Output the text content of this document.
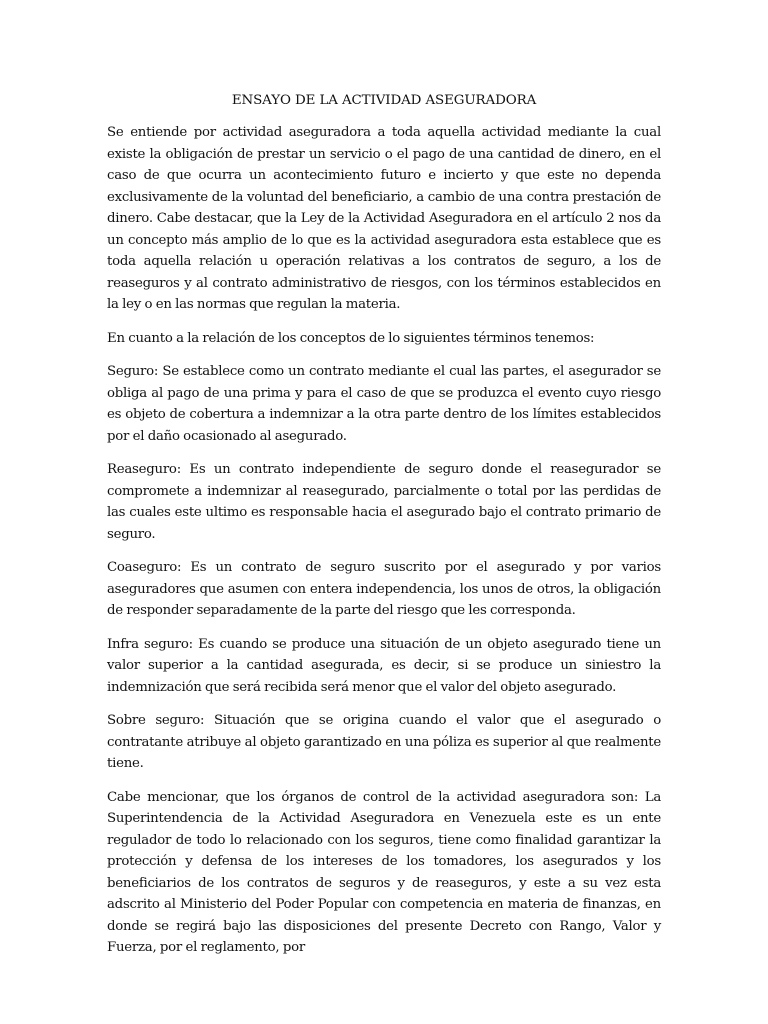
ENSAYO DE LA ACTIVIDAD ASEGURADORA

Se entiende por actividad aseguradora a toda aquella actividad mediante la cual existe la obligación de prestar un servicio o el pago de una cantidad de dinero, en el caso de que ocurra un acontecimiento futuro e incierto y que este no dependa exclusivamente de la voluntad del beneficiario, a cambio de una contra prestación de dinero. Cabe destacar, que la Ley de la Actividad Aseguradora en el artículo 2 nos da un concepto más amplio de lo que es la actividad aseguradora esta establece que es toda aquella relación u operación relativas a los contratos de seguro, a los de reaseguros y al contrato administrativo de riesgos, con los términos establecidos en la ley o en las normas que regulan la materia.

En cuanto a la relación de los conceptos de lo siguientes términos tenemos:

Seguro: Se establece como un contrato mediante el cual las partes, el asegurador se obliga al pago de una prima y para el caso de que se produzca el evento cuyo riesgo es objeto de cobertura a indemnizar a la otra parte dentro de los límites establecidos por el daño ocasionado al asegurado.

Reaseguro: Es un contrato independiente de seguro donde el reasegurador se compromete a indemnizar al reasegurado, parcialmente o total por las perdidas de las cuales este ultimo es responsable hacia el asegurado bajo el contrato primario de seguro.

Coaseguro: Es un contrato de seguro suscrito por el asegurado y por varios aseguradores que asumen con entera independencia, los unos de otros, la obligación de responder separadamente de la parte del riesgo que les corresponda.

Infra seguro: Es cuando se produce una situación de un objeto asegurado tiene un valor superior a la cantidad asegurada, es decir, si se produce un siniestro la indemnización que será recibida será menor que el valor del objeto asegurado.

Sobre seguro: Situación que se origina cuando el valor que el asegurado o contratante atribuye al objeto garantizado en una póliza es superior al que realmente tiene.

Cabe mencionar, que los órganos de control de la actividad aseguradora son: La Superintendencia de la Actividad Aseguradora en Venezuela este es un ente regulador de todo lo relacionado con los seguros, tiene como finalidad garantizar la protección y defensa de los intereses de los tomadores, los asegurados y los beneficiarios de los contratos de seguros y de reaseguros, y este a su vez esta adscrito al Ministerio del Poder Popular con competencia en materia de finanzas, en donde se regirá bajo las disposiciones del presente Decreto con Rango, Valor y Fuerza, por el reglamento, por
